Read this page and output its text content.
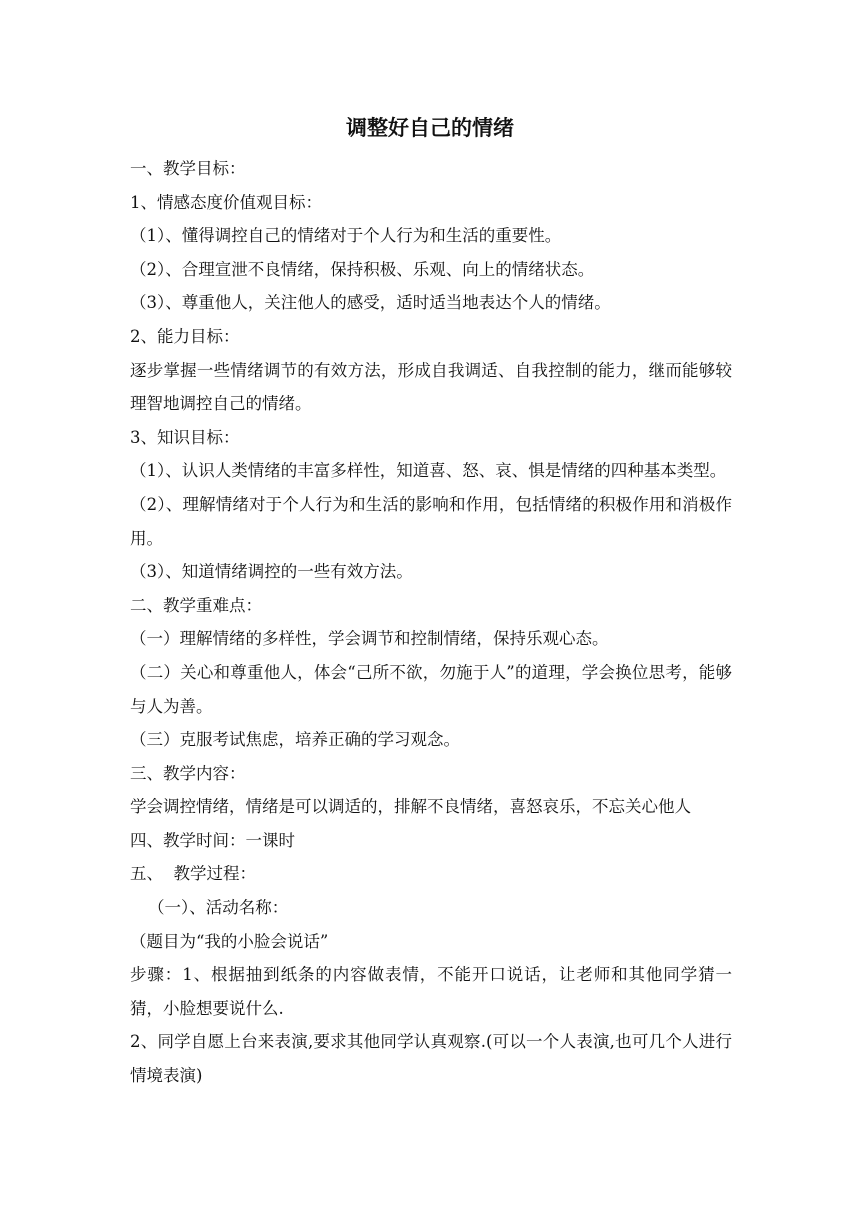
调整好自己的情绪

一、教学目标：

1、情感态度价值观目标：

（1）、懂得调控自己的情绪对于个人行为和生活的重要性。

（2）、合理宣泄不良情绪，保持积极、乐观、向上的情绪状态。

（3）、尊重他人，关注他人的感受，适时适当地表达个人的情绪。

2、能力目标：

逐步掌握一些情绪调节的有效方法，形成自我调适、自我控制的能力，继而能够较理智地调控自己的情绪。

3、知识目标：

（1）、认识人类情绪的丰富多样性，知道喜、怒、哀、惧是情绪的四种基本类型。

（2）、理解情绪对于个人行为和生活的影响和作用，包括情绪的积极作用和消极作用。

（3）、知道情绪调控的一些有效方法。

二、教学重难点：

（一）理解情绪的多样性，学会调节和控制情绪，保持乐观心态。

（二）关心和尊重他人，体会“己所不欲，勿施于人”的道理，学会换位思考，能够与人为善。

（三）克服考试焦虑，培养正确的学习观念。

三、教学内容：

学会调控情绪，情绪是可以调适的，排解不良情绪，喜怒哀乐，不忘关心他人

四、教学时间：一课时

五、  教学过程：

（一）、活动名称：

（题目为“我的小脸会说话”

步骤：1、根据抽到纸条的内容做表情，不能开口说话，让老师和其他同学猜一猜，小脸想要说什么.

2、同学自愿上台来表演,要求其他同学认真观察.(可以一个人表演,也可几个人进行情境表演)
